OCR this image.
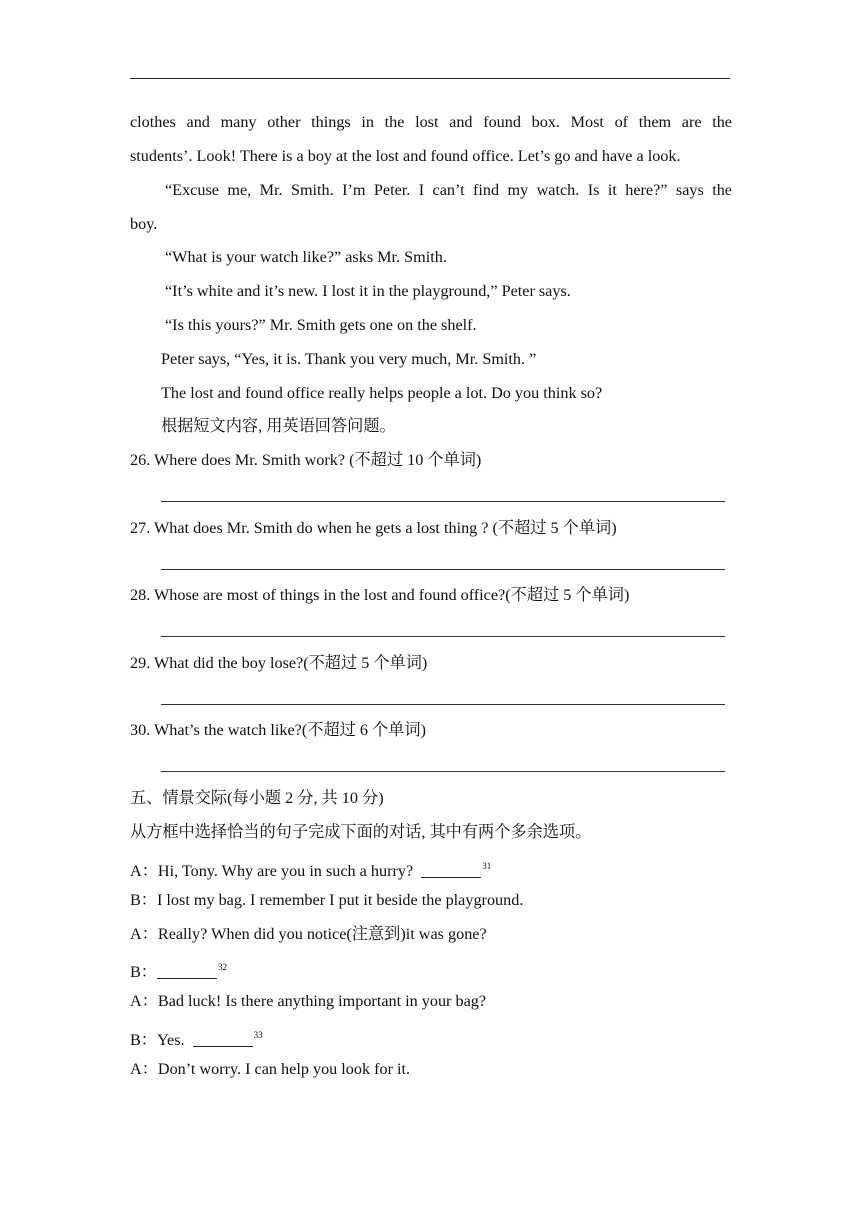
clothes and many other things in the lost and found box. Most of them are the
students’. Look! There is a boy at the lost and found office. Let’s go and have a look.
“Excuse me, Mr. Smith. I’m Peter. I can’t find my watch. Is it here?” says the
boy.
“What is your watch like?” asks Mr. Smith.
“It’s white and it’s new. I lost it in the playground,” Peter says.
“Is this yours?” Mr. Smith gets one on the shelf.
Peter says, “Yes, it is. Thank you very much, Mr. Smith. ”
The lost and found office really helps people a lot. Do you think so?
根据短文内容, 用英语回答问题。
26. Where does Mr. Smith work? (不超过 10 个单词)
27. What does Mr. Smith do when he gets a lost thing ? (不超过 5 个单词)
28. Whose are most of things in the lost and found office?(不超过 5 个单词)
29. What did the boy lose?(不超过 5 个单词)
30. What’s the watch like?(不超过 6 个单词)
五、情景交际(每小题 2 分, 共 10 分)
从方框中选择恰当的句子完成下面的对话, 其中有两个多余选项。
A：Hi, Tony. Why are you in such a hurry?	$^{31}$
B：I lost my bag. I remember I put it beside the playground.
A：Really? When did you notice(注意到)it was gone?
B：	$^{32}$
A：Bad luck! Is there anything important in your bag?
B：Yes.	$^{33}$
A：Don’t worry. I can help you look for it.
